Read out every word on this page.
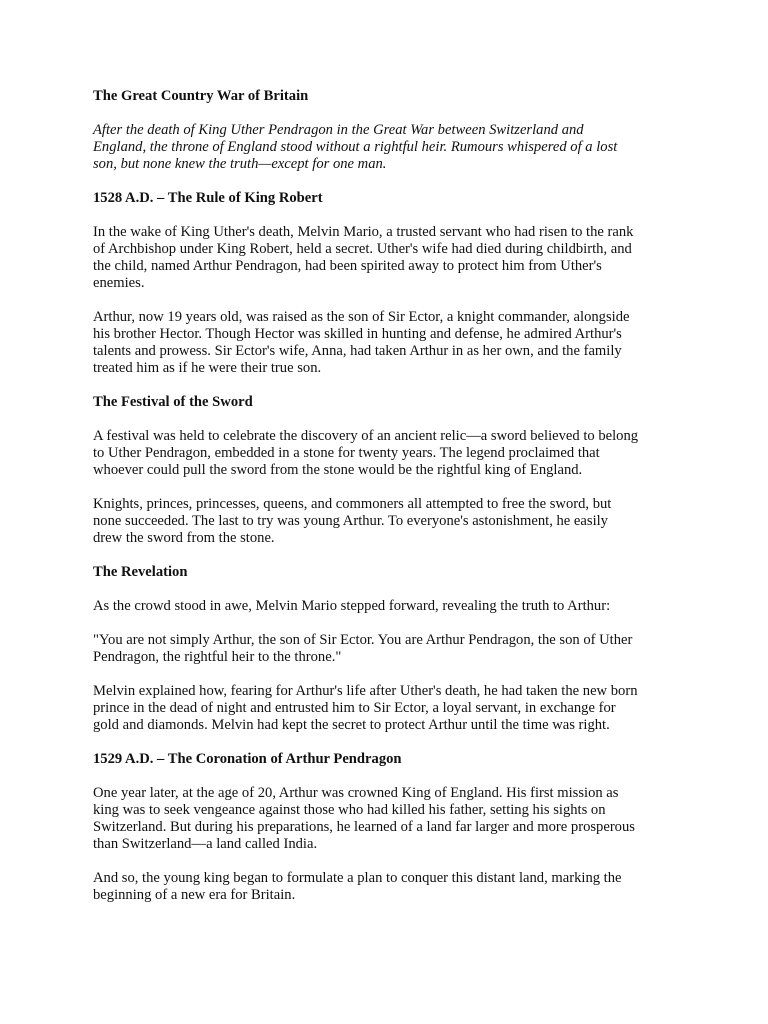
The Great Country War of Britain

After the death of King Uther Pendragon in the Great War between Switzerland and
England, the throne of England stood without a rightful heir. Rumours whispered of a lost
son, but none knew the truth—except for one man.

1528 A.D. – The Rule of King Robert

In the wake of King Uther's death, Melvin Mario, a trusted servant who had risen to the rank
of Archbishop under King Robert, held a secret. Uther's wife had died during childbirth, and
the child, named Arthur Pendragon, had been spirited away to protect him from Uther's
enemies.

Arthur, now 19 years old, was raised as the son of Sir Ector, a knight commander, alongside
his brother Hector. Though Hector was skilled in hunting and defense, he admired Arthur's
talents and prowess. Sir Ector's wife, Anna, had taken Arthur in as her own, and the family
treated him as if he were their true son.

The Festival of the Sword

A festival was held to celebrate the discovery of an ancient relic—a sword believed to belong
to Uther Pendragon, embedded in a stone for twenty years. The legend proclaimed that
whoever could pull the sword from the stone would be the rightful king of England.

Knights, princes, princesses, queens, and commoners all attempted to free the sword, but
none succeeded. The last to try was young Arthur. To everyone's astonishment, he easily
drew the sword from the stone.

The Revelation

As the crowd stood in awe, Melvin Mario stepped forward, revealing the truth to Arthur:

"You are not simply Arthur, the son of Sir Ector. You are Arthur Pendragon, the son of Uther
Pendragon, the rightful heir to the throne."

Melvin explained how, fearing for Arthur's life after Uther's death, he had taken the new born
prince in the dead of night and entrusted him to Sir Ector, a loyal servant, in exchange for
gold and diamonds. Melvin had kept the secret to protect Arthur until the time was right.

1529 A.D. – The Coronation of Arthur Pendragon

One year later, at the age of 20, Arthur was crowned King of England. His first mission as
king was to seek vengeance against those who had killed his father, setting his sights on
Switzerland. But during his preparations, he learned of a land far larger and more prosperous
than Switzerland—a land called India.

And so, the young king began to formulate a plan to conquer this distant land, marking the
beginning of a new era for Britain.
